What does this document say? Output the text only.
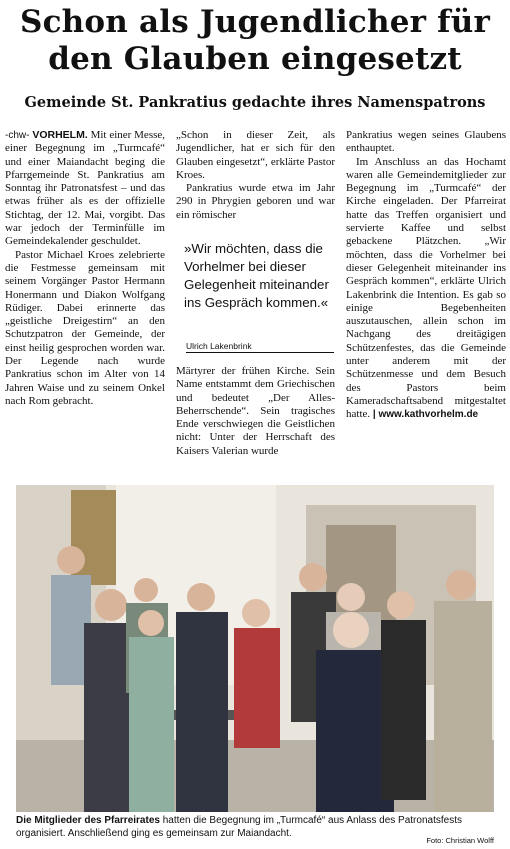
Schon als Jugendlicher für
den Glauben eingesetzt
Gemeinde St. Pankratius gedachte ihres Namenspatrons

-chw- VORHELM. Mit einer Messe, einer Begegnung im „Turmcafé“ und einer Maiandacht beging die Pfarrgemeinde St. Pankratius am Sonntag ihr Patronatsfest – und das etwas früher als es der offizielle Stichtag, der 12. Mai, vorgibt. Das war jedoch der Terminfülle im Gemeindekalender geschuldet.

Pastor Michael Kroes zelebrierte die Festmesse gemeinsam mit seinem Vorgänger Pastor Hermann Honermann und Diakon Wolfgang Rüdiger. Dabei erinnerte das „geistliche Dreigestirn“ an den Schutzpatron der Gemeinde, der einst heilig gesprochen worden war. Der Legende nach wurde Pankratius schon im Alter von 14 Jahren Waise und zu seinem Onkel nach Rom gebracht.

„Schon in dieser Zeit, als Jugendlicher, hat er sich für den Glauben eingesetzt“, erklärte Pastor Kroes.

Pankratius wurde etwa im Jahr 290 in Phrygien geboren und war ein römischer

»Wir möchten, dass die Vorhelmer bei dieser Gelegenheit miteinander ins Gespräch kommen.«
Ulrich Lakenbrink

Märtyrer der frühen Kirche. Sein Name entstammt dem Griechischen und bedeutet „Der Alles-Beherrschende“. Sein tragisches Ende verschwiegen die Geistlichen nicht: Unter der Herrschaft des Kaisers Valerian wurde

Pankratius wegen seines Glaubens enthauptet.

Im Anschluss an das Hochamt waren alle Gemeindemitglieder zur Begegnung im „Turmcafé“ der Kirche eingeladen. Der Pfarreirat hatte das Treffen organisiert und servierte Kaffee und selbst gebackene Plätzchen. „Wir möchten, dass die Vorhelmer bei dieser Gelegenheit miteinander ins Gespräch kommen“, erklärte Ulrich Lakenbrink die Intention. Es gab so einige Begebenheiten auszutauschen, allein schon im Nachgang des dreitägigen Schützenfestes, das die Gemeinde unter anderem mit der Schützenmesse und dem Besuch des Pastors beim Kameradschaftsabend mitgestaltet hatte. | www.kathvorhelm.de

Die Mitglieder des Pfarreirates hatten die Begegnung im „Turmcafé“ aus Anlass des Patronatsfests organisiert. Anschließend ging es gemeinsam zur Maiandacht.
Foto: Christian Wolff
